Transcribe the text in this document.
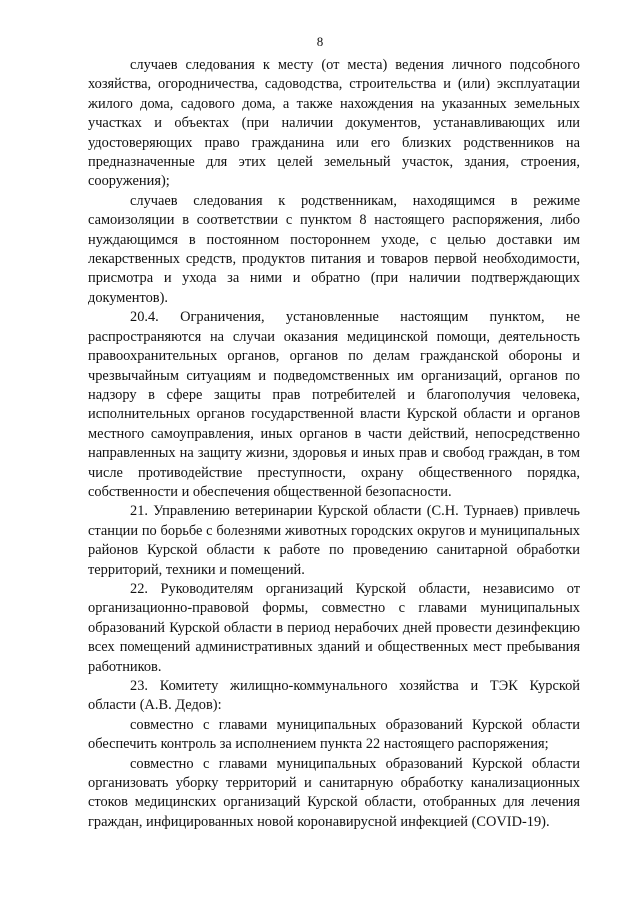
8

случаев следования к месту (от места) ведения личного подсобного хозяйства, огородничества, садоводства, строительства и (или) эксплуатации жилого дома, садового дома, а также нахождения на указанных земельных участках и объектах (при наличии документов, устанавливающих или удостоверяющих право гражданина или его близких родственников на предназначенные для этих целей земельный участок, здания, строения, сооружения);

случаев следования к родственникам, находящимся в режиме самоизоляции в соответствии с пунктом 8 настоящего распоряжения, либо нуждающимся в постоянном постороннем уходе, с целью доставки им лекарственных средств, продуктов питания и товаров первой необходимости, присмотра и ухода за ними и обратно (при наличии подтверждающих документов).

20.4. Ограничения, установленные настоящим пунктом, не распространяются на случаи оказания медицинской помощи, деятельность правоохранительных органов, органов по делам гражданской обороны и чрезвычайным ситуациям и подведомственных им организаций, органов по надзору в сфере защиты прав потребителей и благополучия человека, исполнительных органов государственной власти Курской области и органов местного самоуправления, иных органов в части действий, непосредственно направленных на защиту жизни, здоровья и иных прав и свобод граждан, в том числе противодействие преступности, охрану общественного порядка, собственности и обеспечения общественной безопасности.

21. Управлению ветеринарии Курской области (С.Н. Турнаев) привлечь станции по борьбе с болезнями животных городских округов и муниципальных районов Курской области к работе по проведению санитарной обработки территорий, техники и помещений.

22. Руководителям организаций Курской области, независимо от организационно-правовой формы, совместно с главами муниципальных образований Курской области в период нерабочих дней провести дезинфекцию всех помещений административных зданий и общественных мест пребывания работников.

23. Комитету жилищно-коммунального хозяйства и ТЭК Курской области (А.В. Дедов):

совместно с главами муниципальных образований Курской области обеспечить контроль за исполнением пункта 22 настоящего распоряжения;

совместно с главами муниципальных образований Курской области организовать уборку территорий и санитарную обработку канализационных стоков медицинских организаций Курской области, отобранных для лечения граждан, инфицированных новой коронавирусной инфекцией (COVID-19).
